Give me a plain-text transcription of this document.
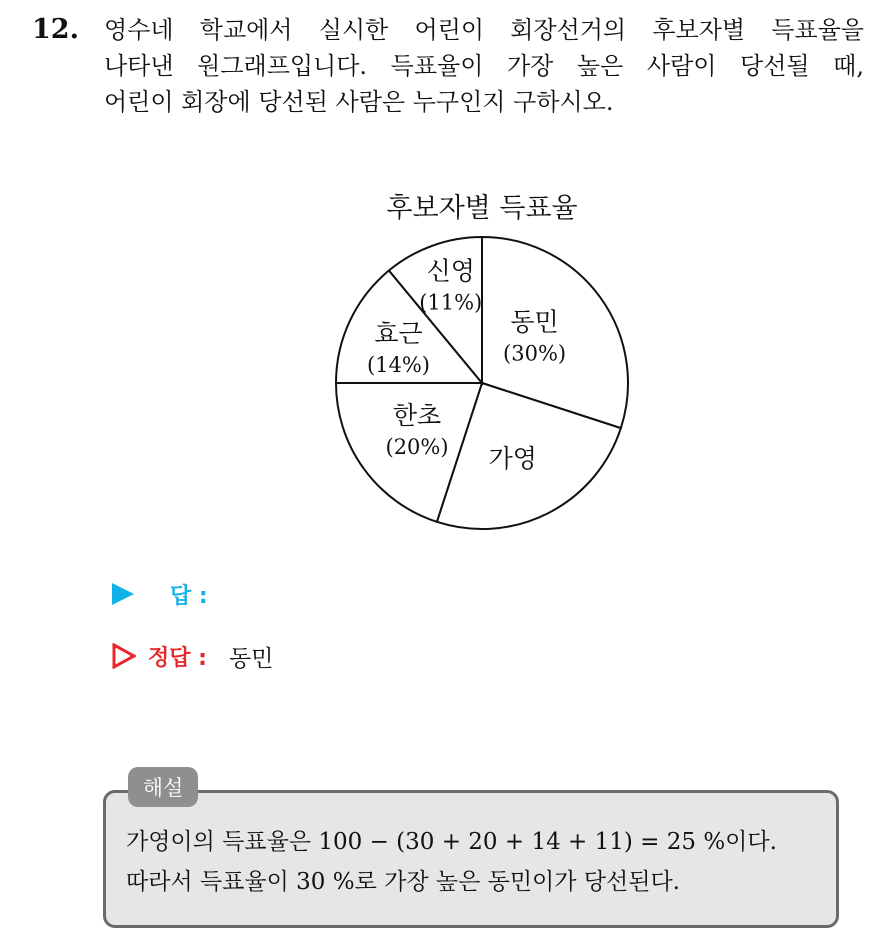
12. 영수네 학교에서 실시한 어린이 회장선거의 후보자별 득표율을
나타낸 원그래프입니다. 득표율이 가장 높은 사람이 당선될 때,
어린이 회장에 당선된 사람은 누구인지 구하시오.
후보자별 득표율
동민
(30%)
가영
한초
(20%)
효근
(14%)
신영
(11%)
답 :
정답 : 동민
해설
가영이의 득표율은 100 − (30 + 20 + 14 + 11) = 25 %이다.
따라서 득표율이 30 %로 가장 높은 동민이가 당선된다.
